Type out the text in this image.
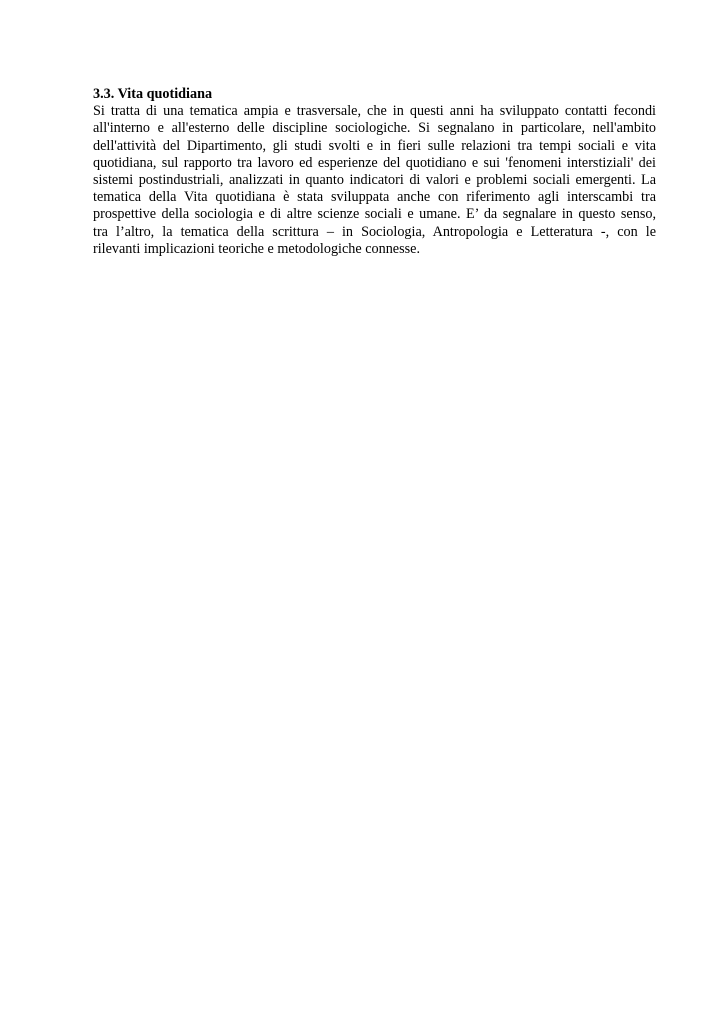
3.3. Vita quotidiana

Si tratta di una tematica ampia e trasversale, che in questi anni ha sviluppato contatti fecondi
all'interno e all'esterno delle discipline sociologiche. Si segnalano in particolare, nell'ambito
dell'attività del Dipartimento, gli studi svolti e in fieri sulle relazioni tra tempi sociali e vita
quotidiana, sul rapporto tra lavoro ed esperienze del quotidiano e sui 'fenomeni interstiziali' dei
sistemi postindustriali, analizzati in quanto indicatori di valori e problemi sociali emergenti. La
tematica della Vita quotidiana è stata sviluppata anche con riferimento agli interscambi tra
prospettive della sociologia e di altre scienze sociali e umane. E’ da segnalare in questo senso,
tra l’altro, la tematica della scrittura – in Sociologia, Antropologia e Letteratura -, con le
rilevanti implicazioni teoriche e metodologiche connesse.
